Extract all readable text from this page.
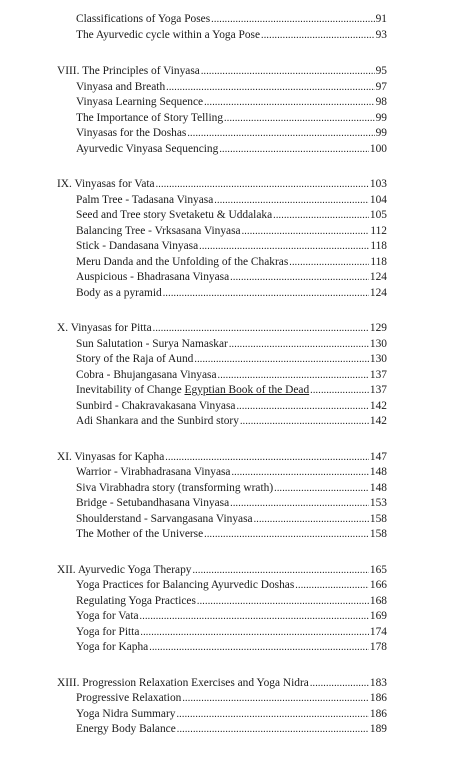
Classifications of Yoga Poses .....	91
The Ayurvedic cycle within a Yoga Pose .....	93
VIII. The Principles of Vinyasa .....	95
Vinyasa and Breath .....	97
Vinyasa Learning Sequence .....	98
The Importance of Story Telling .....	99
Vinyasas for the Doshas .....	99
Ayurvedic Vinyasa Sequencing .....	100
IX. Vinyasas for Vata .....	103
Palm Tree - Tadasana Vinyasa .....	104
Seed and Tree story Svetaketu & Uddalaka .....	105
Balancing Tree - Vrksasana Vinyasa .....	112
Stick - Dandasana Vinyasa .....	118
Meru Danda and the Unfolding of the Chakras .....	118
Auspicious - Bhadrasana Vinyasa .....	124
Body as a pyramid .....	124
X. Vinyasas for Pitta .....	129
Sun Salutation - Surya Namaskar .....	130
Story of the Raja of Aund .....	130
Cobra - Bhujangasana Vinyasa .....	137
Inevitability of Change Egyptian Book of the Dead .....	137
Sunbird - Chakravakasana Vinyasa .....	142
Adi Shankara and the Sunbird story .....	142
XI. Vinyasas for Kapha .....	147
Warrior - Virabhadrasana Vinyasa .....	148
Siva Virabhadra story (transforming wrath) .....	148
Bridge - Setubandhasana Vinyasa .....	153
Shoulderstand - Sarvangasana Vinyasa .....	158
The Mother of the Universe .....	158
XII. Ayurvedic Yoga Therapy .....	165
Yoga Practices for Balancing Ayurvedic Doshas .....	166
Regulating Yoga Practices .....	168
Yoga for Vata .....	169
Yoga for Pitta .....	174
Yoga for Kapha .....	178
XIII. Progression Relaxation Exercises and Yoga Nidra .....	183
Progressive Relaxation .....	186
Yoga Nidra Summary .....	186
Energy Body Balance .....	189
